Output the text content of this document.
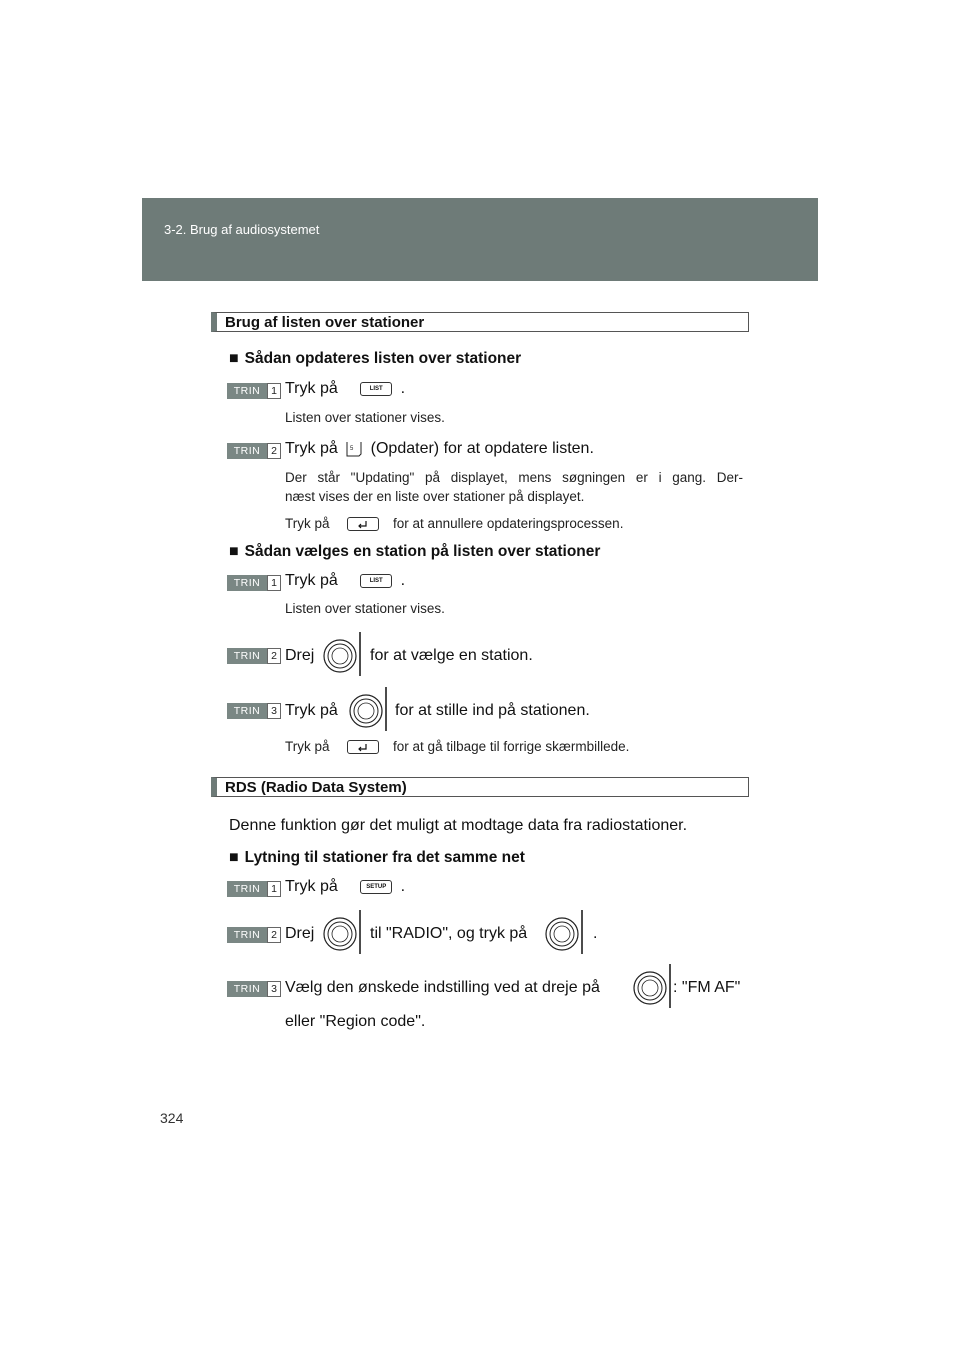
3-2. Brug af audiosystemet
Brug af listen over stationer
■ Sådan opdateres listen over stationer
TRIN	1 Tryk på	LIST .
Listen over stationer vises.
TRIN	2 Tryk på 5 (Opdater) for at opdatere listen.
Der står "Updating" på displayet, mens søgningen er i gang. Der-
næst vises der en liste over stationer på displayet.
Tryk på	for at annullere opdateringsprocessen.
■ Sådan vælges en station på listen over stationer
TRIN	1 Tryk på	LIST .
Listen over stationer vises.
TRIN	2 Drej	for at vælge en station.
TRIN	3 Tryk på	for at stille ind på stationen.
Tryk på	for at gå tilbage til forrige skærmbillede.
RDS (Radio Data System)
Denne funktion gør det muligt at modtage data fra radiostationer.
■ Lytning til stationer fra det samme net
TRIN	1 Tryk på	SETUP .
TRIN	2 Drej	til "RADIO", og tryk på	.
TRIN	3 Vælg den ønskede indstilling ved at dreje på	: "FM AF"
eller "Region code".
324
